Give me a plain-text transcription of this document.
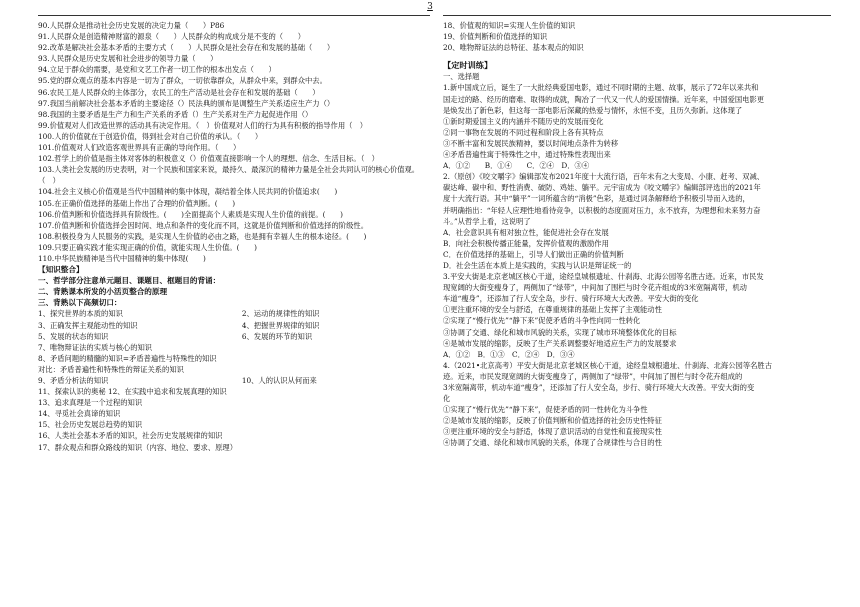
3
90.人民群众是推动社会历史发展的决定力量（　　）P86
91.人民群众是创造精神财富的源泉（　　）人民群众的构成成分是不变的（　　）
92.改革是解决社会基本矛盾的主要方式（　　）人民群众是社会存在和发展的基础（　　）
93.人民群众是历史发展和社会进步的领导力量（　　）
94.立足于群众的需要，是党和文艺工作者一切工作的根本出发点（　　）
95.党的群众观点的基本内容是一切为了群众，一切依靠群众，从群众中来，到群众中去。
96.农民工是人民群众的主体部分，农民工的生产活动是社会存在和发展的基础（　　）
97.我国当前解决社会基本矛盾的主要途径（）民法典的颁布是调整生产关系适应生产力（）
98.我国的主要矛盾是生产力和生产关系的矛盾（）生产关系对生产力起促进作用（）
99.价值观对人们改造世界的活动具有决定作用。（　）价值观对人们的行为具有积极的指导作用（　）
100.人的价值就在于创造价值，得到社会对自己价值的承认。（　　）
101.价值观对人们改造客观世界具有正确的导向作用。（　　）
102.哲学上的价值是指主体对客体的积极意义（）价值观直接影响一个人的理想、信念、生活目标。（　）
103.人类社会发展的历史表明，对一个民族和国家来说，最持久、最深沉的精神力量是全社会共同认可的核心价值观。（　）
104.社会主义核心价值观是当代中国精神的集中体现，凝结着全体人民共同的价值追求(　　)
105.在正确价值选择的基础上作出了合理的价值判断。(　　)
106.价值判断和价值选择具有阶级性。(　　)全面提高个人素质是实现人生价值的前提。(　　)
107.价值判断和价值选择会因时间、地点和条件的变化而不同，这就是价值判断和价值选择的阶级性。
108.积极投身为人民服务的实践，是实现人生价值的必由之路，也是拥有幸福人生的根本途径。(　　)
109.只要正确实践才能实现正确的价值，就能实现人生价值。(　　)
110.中华民族精神是当代中国精神的集中体现(　　)
【知识整合】
一、哲学部分注意单元题目、课题目、框题目的背诵：
二、背熟课本所发的小活页整合的原理
三、背熟以下高频切口：
1、探究世界的本质的知识	2、运动的规律性的知识
3、正确发挥主观能动性的知识	4、把握世界规律的知识
5、发展的状态的知识	6、发展的环节的知识
7、唯物辩证法的实质与核心的知识
8、矛盾问题的精髓的知识=矛盾普遍性与特殊性的知识
对比：矛盾普遍性和特殊性的辩证关系的知识
9、矛盾分析法的知识	10、人的认识从何而来
11、探索认识的奥秘 12、在实践中追求和发展真理的知识
13、追求真理是一个过程的知识
14、寻觅社会真谛的知识
15、社会历史发展总趋势的知识
16、人类社会基本矛盾的知识，社会历史发展规律的知识
17、群众观点和群众路线的知识（内容、地位、要求、原理）
18、价值观的知识=实现人生价值的知识
19、价值判断和价值选择的知识
20、唯物辩证法的总特征、基本观点的知识
【定时训练】
一、选择题
1.新中国成立后，诞生了一大批经典爱国电影，通过不同时期的主题、故事，展示了72年以来共和
国走过的路、经历的磨难、取得的成就，陶冶了一代又一代人的爱国情操。近年来，中国爱国电影更
是焕发出了新色彩，但这每一部电影后深藏的热爱与情怀，永恒不变，且历久弥新。这体现了
①新时期爱国主义的内涵并不随历史的发展而变化
②同一事物在发展的不同过程和阶段上各有其特点
③不断丰富和发展民族精神，要以时间地点条件为转移
④矛盾普遍性寓于特殊性之中，通过特殊性表现出来
A．①②　　B．①④　　C．②④　D．③④
2.（原创）《咬文嚼字》编辑部发布2021年度十大流行语，百年未有之大变局、小康、赶考、双减、
碳达峰、碳中和、野性消费、破防、鸡娃、躺平。元宇宙成为《咬文嚼字》编辑部评选出的2021年
度十大流行语。其中“躺平”一词所蕴含的“消极”色彩，是通过词条解释给予积极引导而入选的，
并明确指出：“年轻人应理性地看待竞争，以积极的态度面对压力，永不放弃，为理想和未来努力奋
斗。”从哲学上看，这说明了
A．社会意识具有相对独立性，能促进社会存在发展
B．向社会积极传播正能量，发挥价值观的激励作用
C．在价值选择的基础上，引导人们做出正确的价值判断
D．社会生活在本质上是实践的，实践与认识是辩证统一的
3.平安大街是北京老城区核心干道，途经皇城根遗址、什刹海、北海公园等名胜古迹。近来，市民发
现宽阔的大街变瘦身了，两侧加了“绿带”，中间加了围栏与时令花卉组成的3米宽隔离带，机动
车道“瘦身”，还添加了行人安全岛，步行、骑行环境大大改善。平安大街的变化
①更注重环境的安全与舒适，在尊重规律的基础上发挥了主观能动性
②实现了“慢行优先”“静下来”促使矛盾的斗争性向同一性转化
③协调了交通、绿化和城市风貌的关系，实现了城市环境整体优化的目标
④是城市发展的缩影，反映了生产关系调整要好地适应生产力的发展要求
A．①②　B．①③　C．②④　D．③④
4.（2021•北京高考）平安大街是北京老城区核心干道，途经皇城根遗址、什刹海、北海公园等名胜古
迹。近来，市民发现宽阔的大街变瘦身了，两侧加了“绿带”，中间加了围栏与时令花卉组成的
3米宽隔离带，机动车道“瘦身”，还添加了行人安全岛，步行、骑行环境大大改善。平安大街的变
化
①实现了“慢行优先”“静下来”，促使矛盾的同一性转化为斗争性
②是城市发展的缩影，反映了价值判断和价值选择的社会历史性特征
③更注重环境的安全与舒适，体现了意识活动的自觉性和直接现实性
④协调了交通、绿化和城市风貌的关系，体现了合规律性与合目的性
